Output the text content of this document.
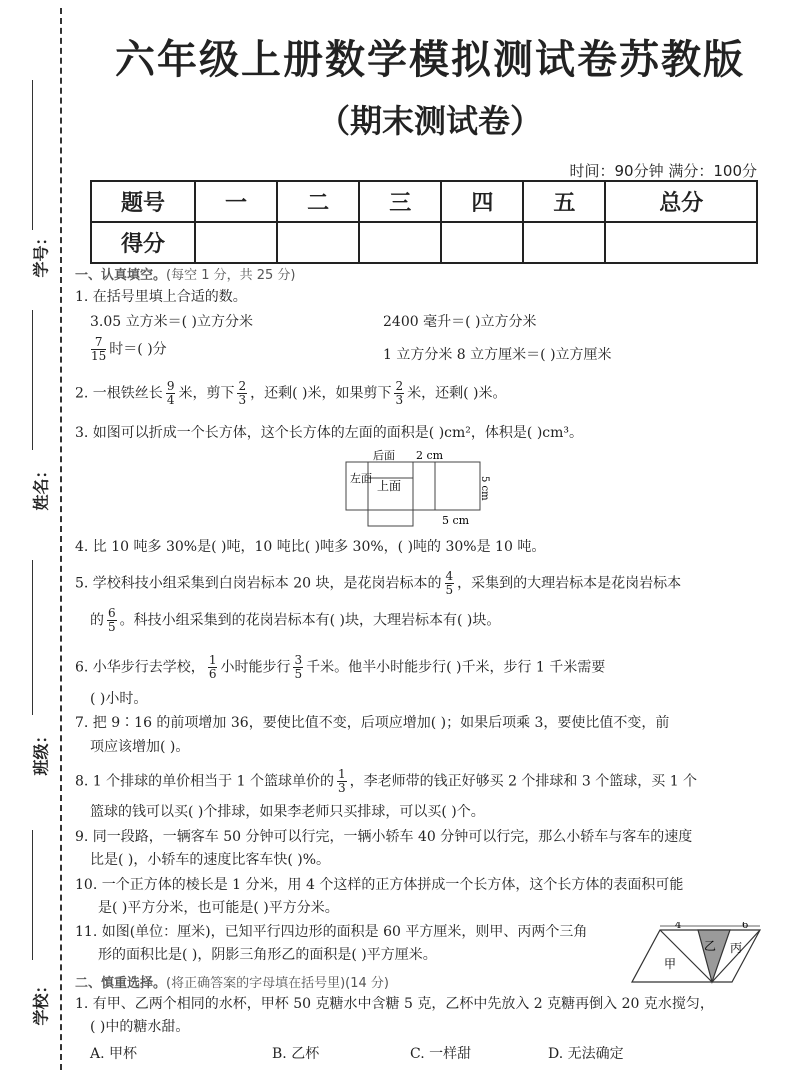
学号：
姓名：
班级：
学校：
六年级上册数学模拟测试卷苏教版
（期末测试卷）
时间：90分钟 满分：100分
题号	一	二	三	四	五	总分
得分						
一、认真填空。(每空 1 分，共 25 分)
1. 在括号里填上合适的数。
3.05 立方米＝( )立方分米	2400 毫升＝( )立方分米
$\frac{7}{15}$ 时＝( )分	1 立方分米 8 立方厘米＝( )立方厘米
2. 一根铁丝长 $\frac{9}{4}$ 米，剪下 $\frac{2}{3}$ ，还剩( )米，如果剪下 $\frac{2}{3}$ 米，还剩( )米。
3. 如图可以折成一个长方体，这个长方体的左面的面积是( )cm²，体积是( )cm³。
后面
左面
上面
2 cm
5 cm
5 cm
4. 比 10 吨多 30%是( )吨，10 吨比( )吨多 30%，( )吨的 30%是 10 吨。
5. 学校科技小组采集到白岗岩标本 20 块，是花岗岩标本的 $\frac{4}{5}$ ，采集到的大理岩标本是花岗岩标本
的 $\frac{6}{5}$ 。科技小组采集到的花岗岩标本有( )块，大理岩标本有( )块。
6. 小华步行去学校， $\frac{1}{6}$ 小时能步行 $\frac{3}{5}$ 千米。他半小时能步行( )千米，步行 1 千米需要
( )小时。
7. 把 9∶16 的前项增加 36，要使比值不变，后项应增加( )；如果后项乘 3，要使比值不变，前
项应该增加( )。
8. 1 个排球的单价相当于 1 个篮球单价的 $\frac{1}{3}$ ，李老师带的钱正好够买 2 个排球和 3 个篮球，买 1 个
篮球的钱可以买( )个排球，如果李老师只买排球，可以买( )个。
9. 同一段路，一辆客车 50 分钟可以行完，一辆小轿车 40 分钟可以行完，那么小轿车与客车的速度
比是( )，小轿车的速度比客车快( )%。
10. 一个正方体的棱长是 1 分米，用 4 个这样的正方体拼成一个长方体，这个长方体的表面积可能
是( )平方分米，也可能是( )平方分米。
11. 如图(单位：厘米)，已知平行四边形的面积是 60 平方厘米，则甲、丙两个三角
形的面积比是( )，阴影三角形乙的面积是( )平方厘米。
4	6
甲
乙 丙
二、慎重选择。(将正确答案的字母填在括号里)(14 分)
1. 有甲、乙两个相同的水杯，甲杯 50 克糖水中含糖 5 克，乙杯中先放入 2 克糖再倒入 20 克水搅匀，
( )中的糖水甜。
A. 甲杯	B. 乙杯	C. 一样甜	D. 无法确定
